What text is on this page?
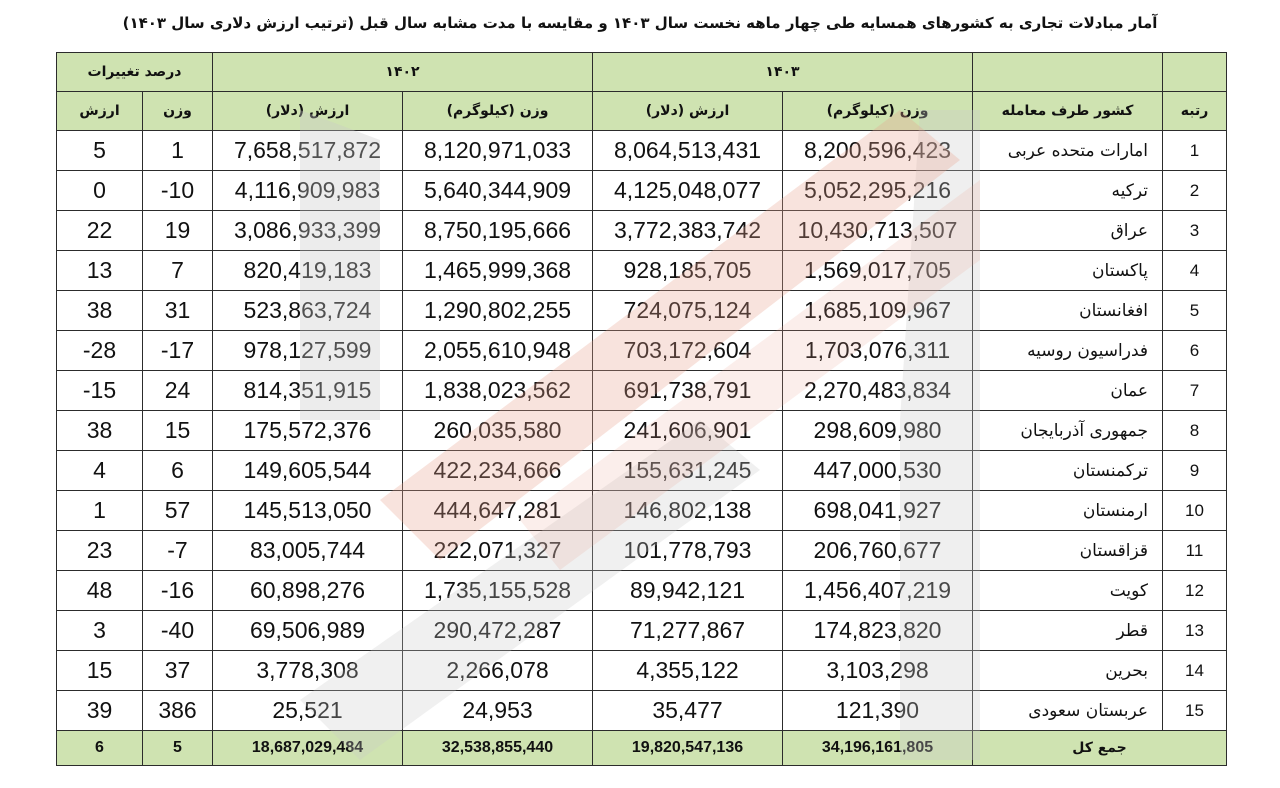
آمار مبادلات تجاری به کشورهای همسایه طی چهار ماهه نخست سال ۱۴۰۳ و مقایسه با مدت مشابه سال قبل (ترتیب ارزش دلاری سال ۱۴۰۳)
		۱۴۰۳		۱۴۰۲		درصد تغییرات	
رتبه	کشور طرف معامله	وزن (کیلوگرم)	ارزش (دلار)	وزن (کیلوگرم)	ارزش (دلار)	وزن	ارزش
1	امارات متحده عربی	8,200,596,423	8,064,513,431	8,120,971,033	7,658,517,872	1	5
2	ترکیه	5,052,295,216	4,125,048,077	5,640,344,909	4,116,909,983	-10	0
3	عراق	10,430,713,507	3,772,383,742	8,750,195,666	3,086,933,399	19	22
4	پاکستان	1,569,017,705	928,185,705	1,465,999,368	820,419,183	7	13
5	افغانستان	1,685,109,967	724,075,124	1,290,802,255	523,863,724	31	38
6	فدراسیون روسیه	1,703,076,311	703,172,604	2,055,610,948	978,127,599	-17	-28
7	عمان	2,270,483,834	691,738,791	1,838,023,562	814,351,915	24	-15
8	جمهوری آذربایجان	298,609,980	241,606,901	260,035,580	175,572,376	15	38
9	ترکمنستان	447,000,530	155,631,245	422,234,666	149,605,544	6	4
10	ارمنستان	698,041,927	146,802,138	444,647,281	145,513,050	57	1
11	قزاقستان	206,760,677	101,778,793	222,071,327	83,005,744	-7	23
12	کویت	1,456,407,219	89,942,121	1,735,155,528	60,898,276	-16	48
13	قطر	174,823,820	71,277,867	290,472,287	69,506,989	-40	3
14	بحرین	3,103,298	4,355,122	2,266,078	3,778,308	37	15
15	عربستان سعودی	121,390	35,477	24,953	25,521	386	39
جمع کل		34,196,161,805	19,820,547,136	32,538,855,440	18,687,029,484	5	6
